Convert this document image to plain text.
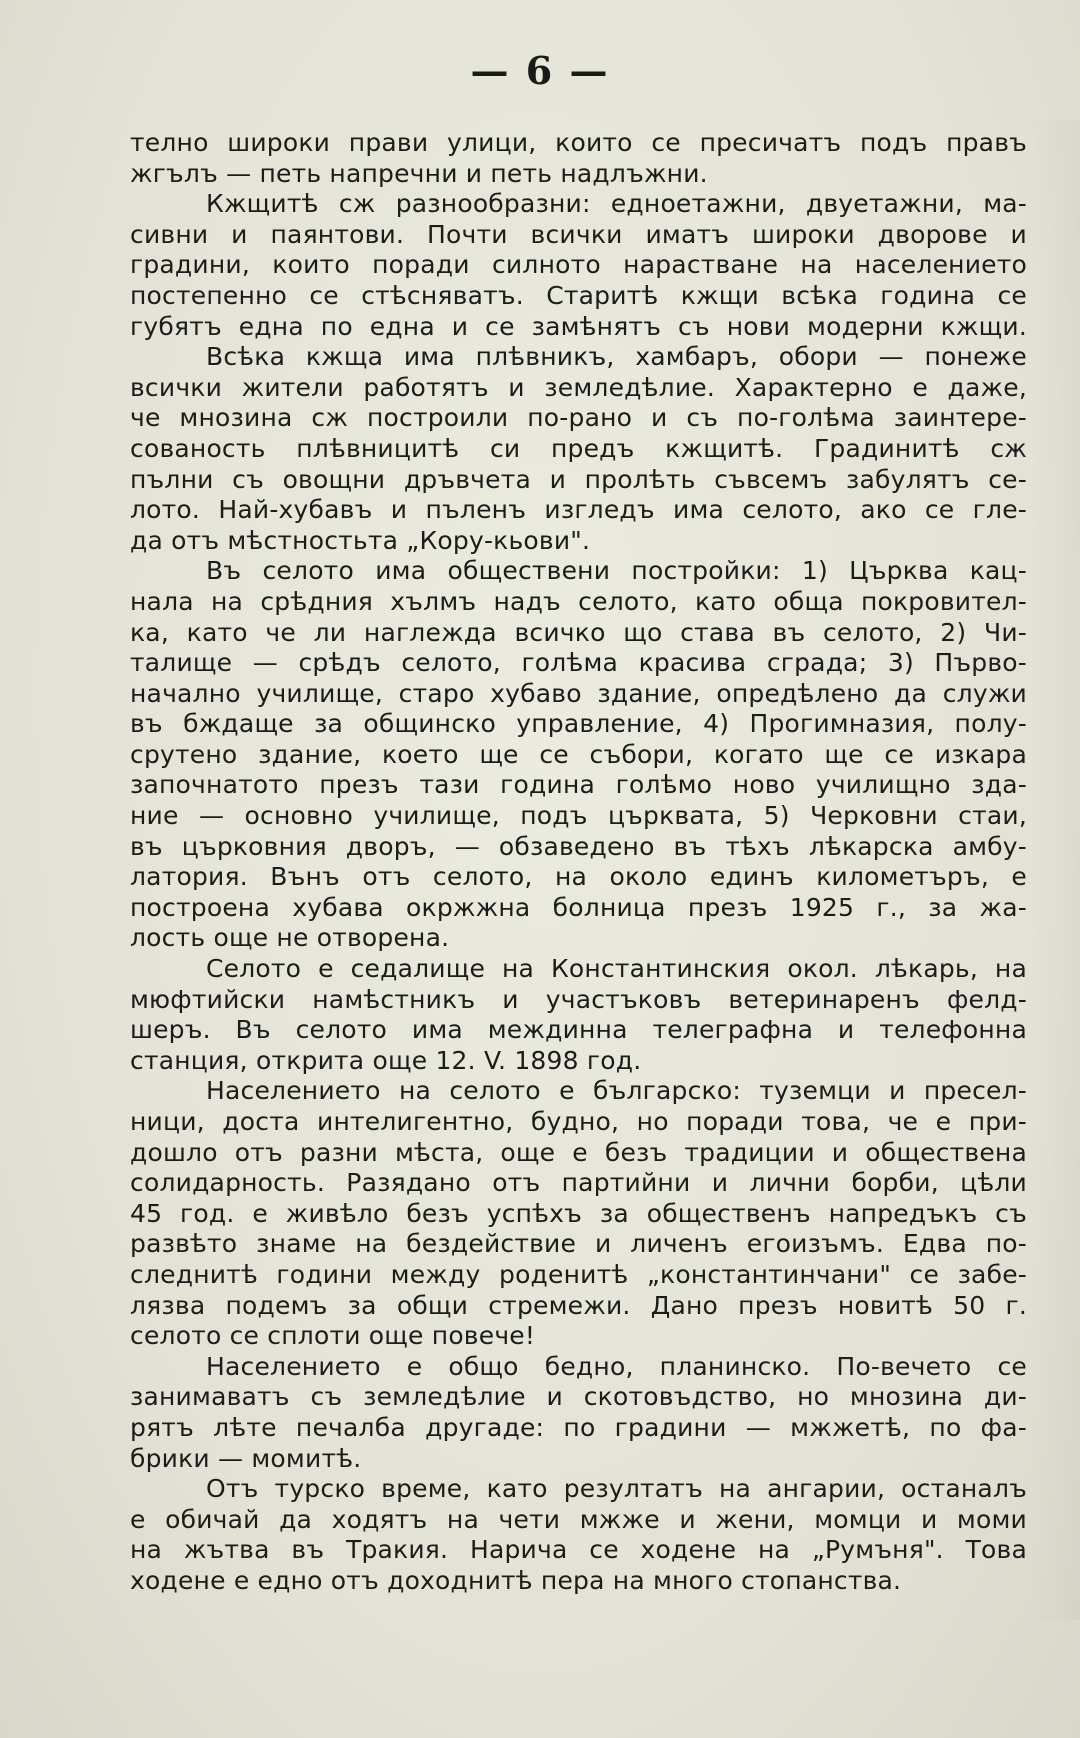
— 6 —
телно широки прави улици, които се пресичатъ подъ правъ
жгълъ — петь напречни и петь надлъжни.
Кжщитѣ сж разнообразни: едноетажни, двуетажни, ма-
сивни и паянтови. Почти всички иматъ широки дворове и
градини, които поради силното нарастване на населението
постепенно се стѣсняватъ. Старитѣ кжщи всѣка година се
губятъ една по една и се замѣнятъ съ нови модерни кжщи.
Всѣка кжща има плѣвникъ, хамбаръ, обори — понеже
всички жители работятъ и земледѣлие. Характерно е даже,
че мнозина сж построили по-рано и съ по-голѣма заинтере-
сованость плѣвницитѣ си предъ кжщитѣ. Градинитѣ сж
пълни съ овощни дръвчета и пролѣть съвсемъ забулятъ се-
лото. Най-хубавъ и пъленъ изгледъ има селото, ако се гле-
да отъ мѣстностьта „Кору-кьови".
Въ селото има обществени постройки: 1) Църква кац-
нала на срѣдния хълмъ надъ селото, като обща покровител-
ка, като че ли наглежда всичко що става въ селото, 2) Чи-
талище — срѣдъ селото, голѣма красива сграда; 3) Първо-
начално училище, старо хубаво здание, опредѣлено да служи
въ бждаще за общинско управление, 4) Прогимназия, полу-
срутено здание, което ще се събори, когато ще се изкара
започнатото презъ тази година голѣмо ново училищно зда-
ние — основно училище, подъ църквата, 5) Черковни стаи,
въ църковния дворъ, — обзаведено въ тѣхъ лѣкарска амбу-
латория. Вънъ отъ селото, на около единъ километъръ, е
построена хубава окржжна болница презъ 1925 г., за жа-
лость още не отворена.
Селото е седалище на Константинския окол. лѣкарь, на
мюфтийски намѣстникъ и участъковъ ветеринаренъ фелд-
шеръ. Въ селото има междинна телеграфна и телефонна
станция, открита още 12. V. 1898 год.
Населението на селото е българско: туземци и пресел-
ници, доста интелигентно, будно, но поради това, че е при-
дошло отъ разни мѣста, още е безъ традиции и обществена
солидарность. Разядано отъ партийни и лични борби, цѣли
45 год. е живѣло безъ успѣхъ за общественъ напредъкъ съ
развѣто знаме на бездействие и личенъ егоизъмъ. Едва по-
следнитѣ години между роденитѣ „константинчани" се забе-
лязва подемъ за общи стремежи. Дано презъ новитѣ 50 г.
селото се сплоти още повече!
Населението е общо бедно, планинско. По-вечето се
занимаватъ съ земледѣлие и скотовъдство, но мнозина ди-
рятъ лѣте печалба другаде: по градини — мжжетѣ, по фа-
брики — момитѣ.
Отъ турско време, като резултатъ на ангарии, останалъ
е обичай да ходятъ на чети мжже и жени, момци и моми
на жътва въ Тракия. Нарича се ходене на „Румъня". Това
ходене е едно отъ доходнитѣ пера на много стопанства.
